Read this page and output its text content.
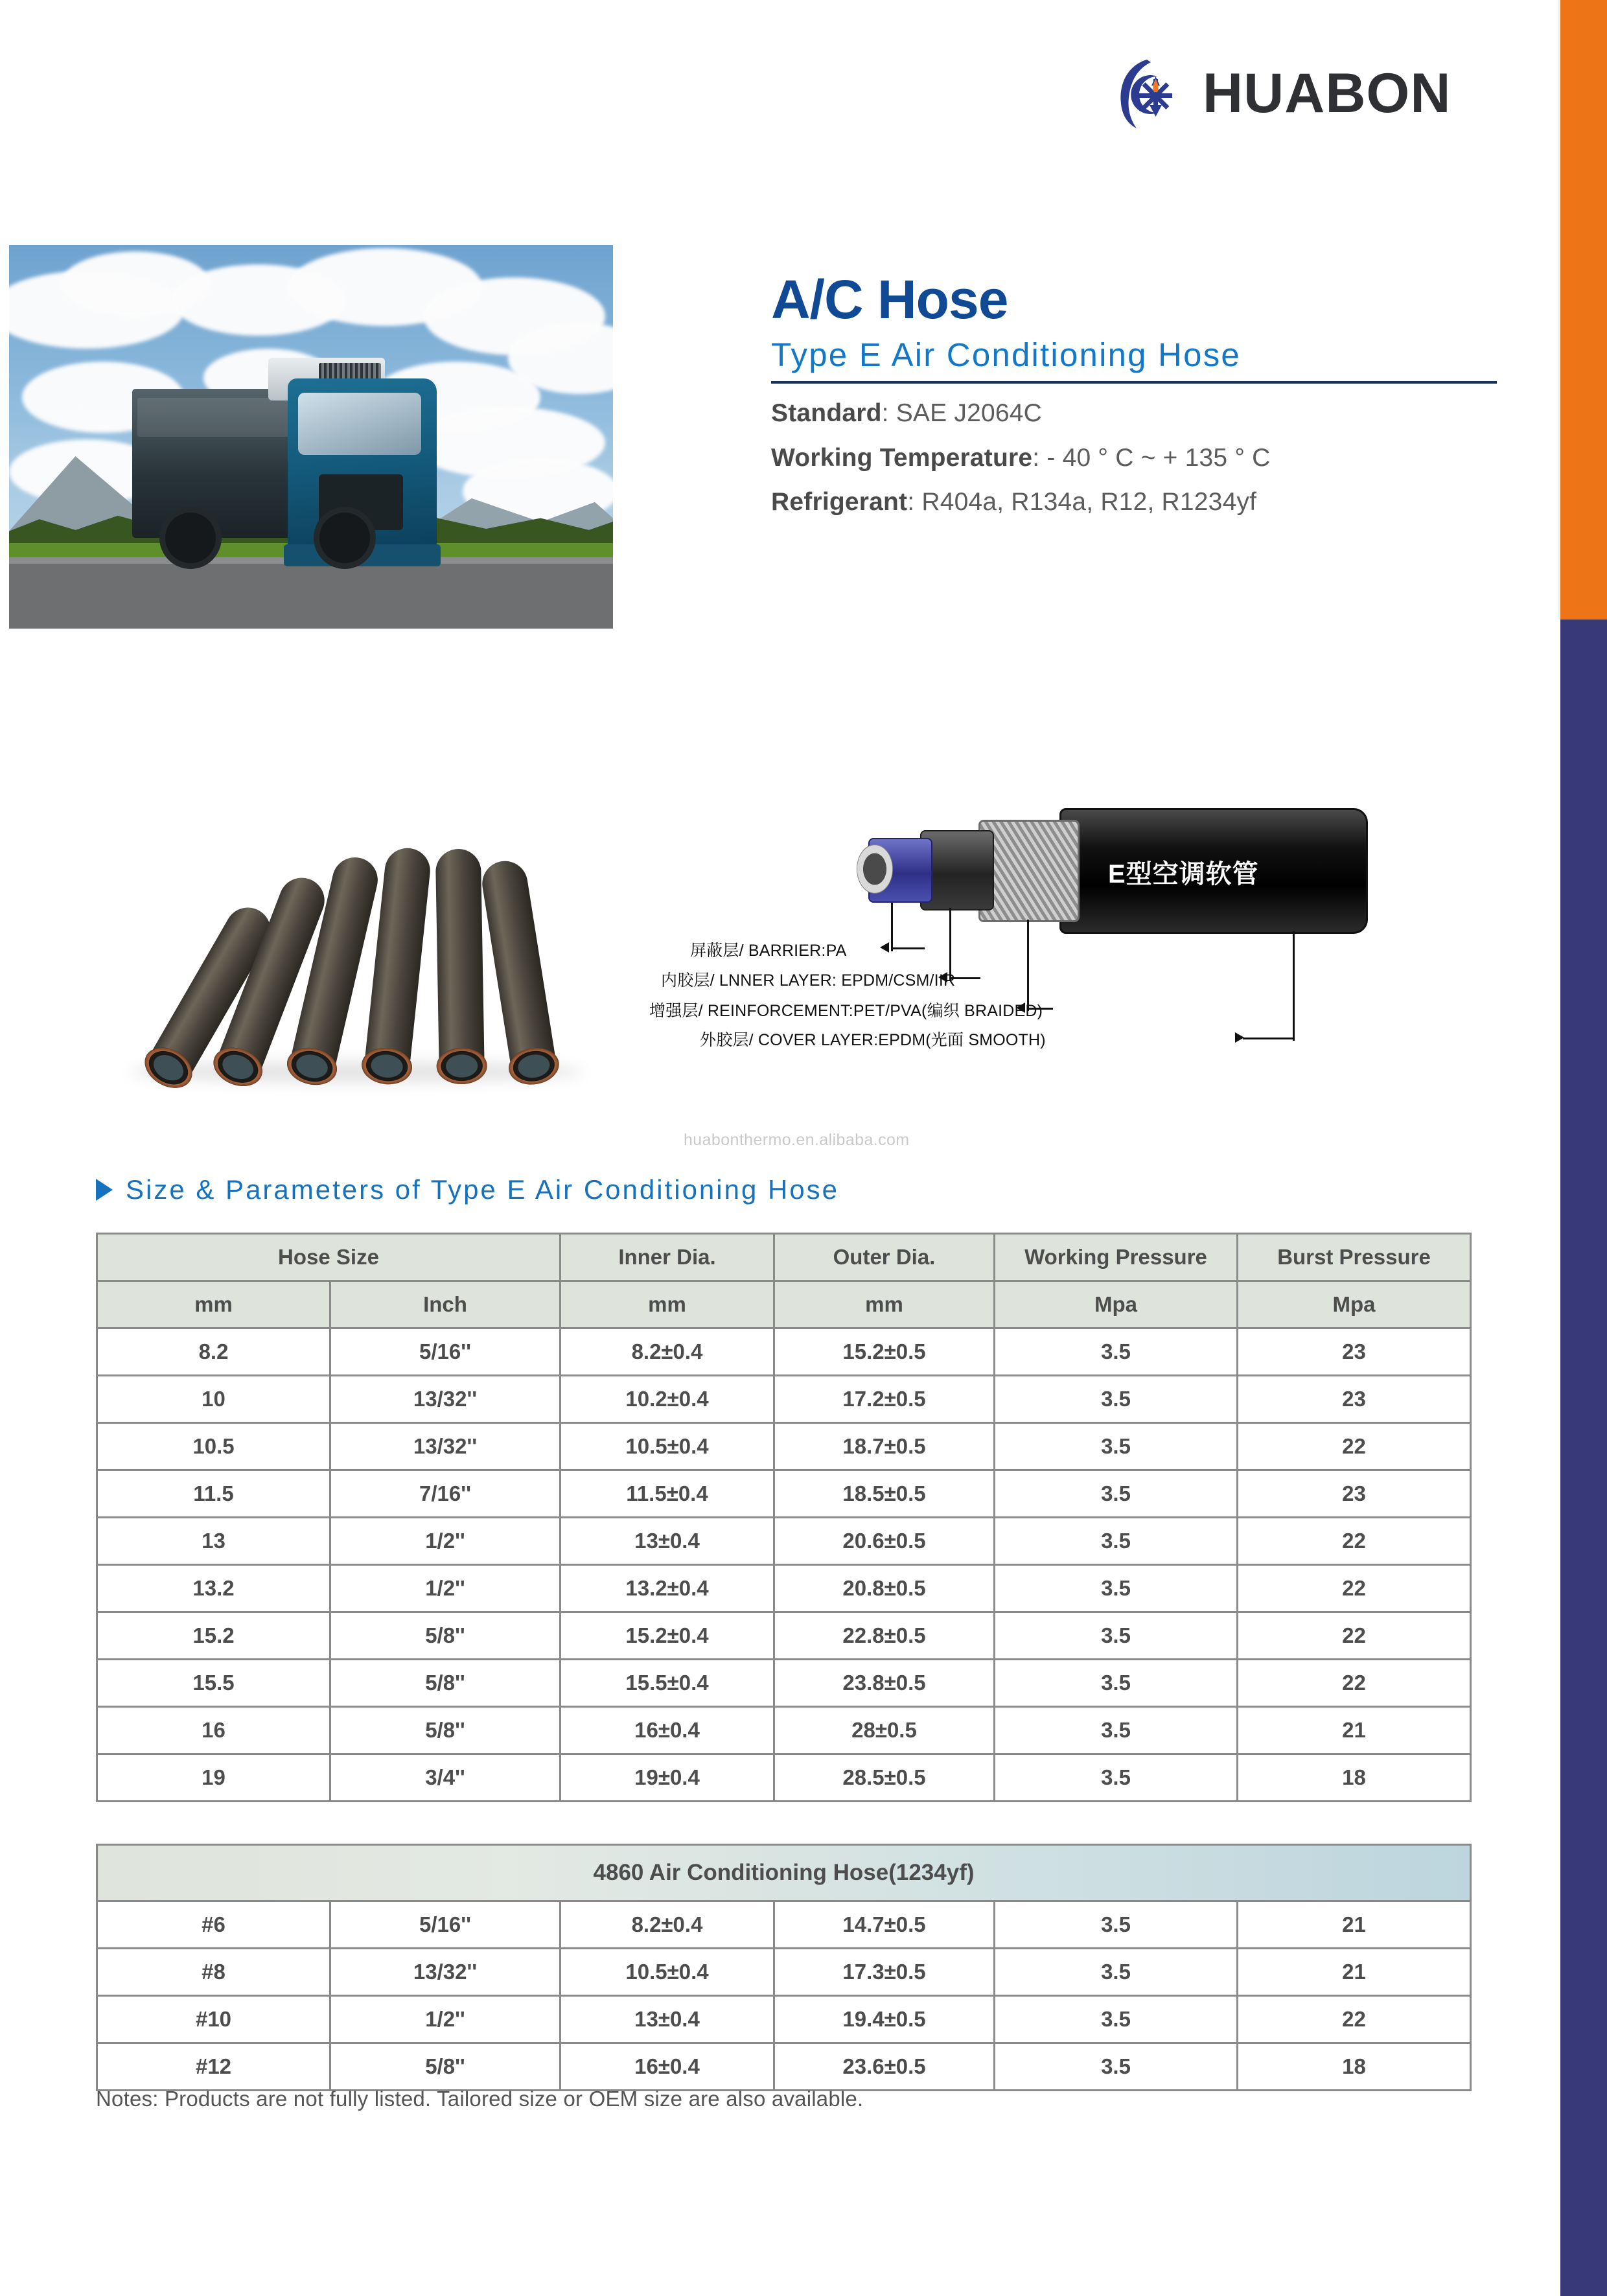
HUABON
A/C Hose
Type E Air Conditioning Hose
Standard: SAE J2064C
Working Temperature: - 40 ° C ~ + 135 ° C
Refrigerant: R404a, R134a, R12, R1234yf
E型空调软管
屏蔽层/ BARRIER:PA
内胶层/ LNNER LAYER: EPDM/CSM/IIR
增强层/ REINFORCEMENT:PET/PVA(编织 BRAIDED)
外胶层/ COVER LAYER:EPDM(光面 SMOOTH)
huabonthermo.en.alibaba.com
Size & Parameters of Type E Air Conditioning Hose
Hose Size		Inner Dia.	Outer Dia.	Working Pressure	Burst Pressure
mm	Inch	mm	mm	Mpa	Mpa
8.2	5/16''	8.2±0.4	15.2±0.5	3.5	23
10	13/32''	10.2±0.4	17.2±0.5	3.5	23
10.5	13/32''	10.5±0.4	18.7±0.5	3.5	22
11.5	7/16''	11.5±0.4	18.5±0.5	3.5	23
13	1/2''	13±0.4	20.6±0.5	3.5	22
13.2	1/2''	13.2±0.4	20.8±0.5	3.5	22
15.2	5/8''	15.2±0.4	22.8±0.5	3.5	22
15.5	5/8''	15.5±0.4	23.8±0.5	3.5	22
16	5/8''	16±0.4	28±0.5	3.5	21
19	3/4''	19±0.4	28.5±0.5	3.5	18
4860 Air Conditioning Hose(1234yf)					
#6	5/16''	8.2±0.4	14.7±0.5	3.5	21
#8	13/32''	10.5±0.4	17.3±0.5	3.5	21
#10	1/2''	13±0.4	19.4±0.5	3.5	22
#12	5/8''	16±0.4	23.6±0.5	3.5	18
Notes: Products are not fully listed. Tailored size or OEM size are also available.
